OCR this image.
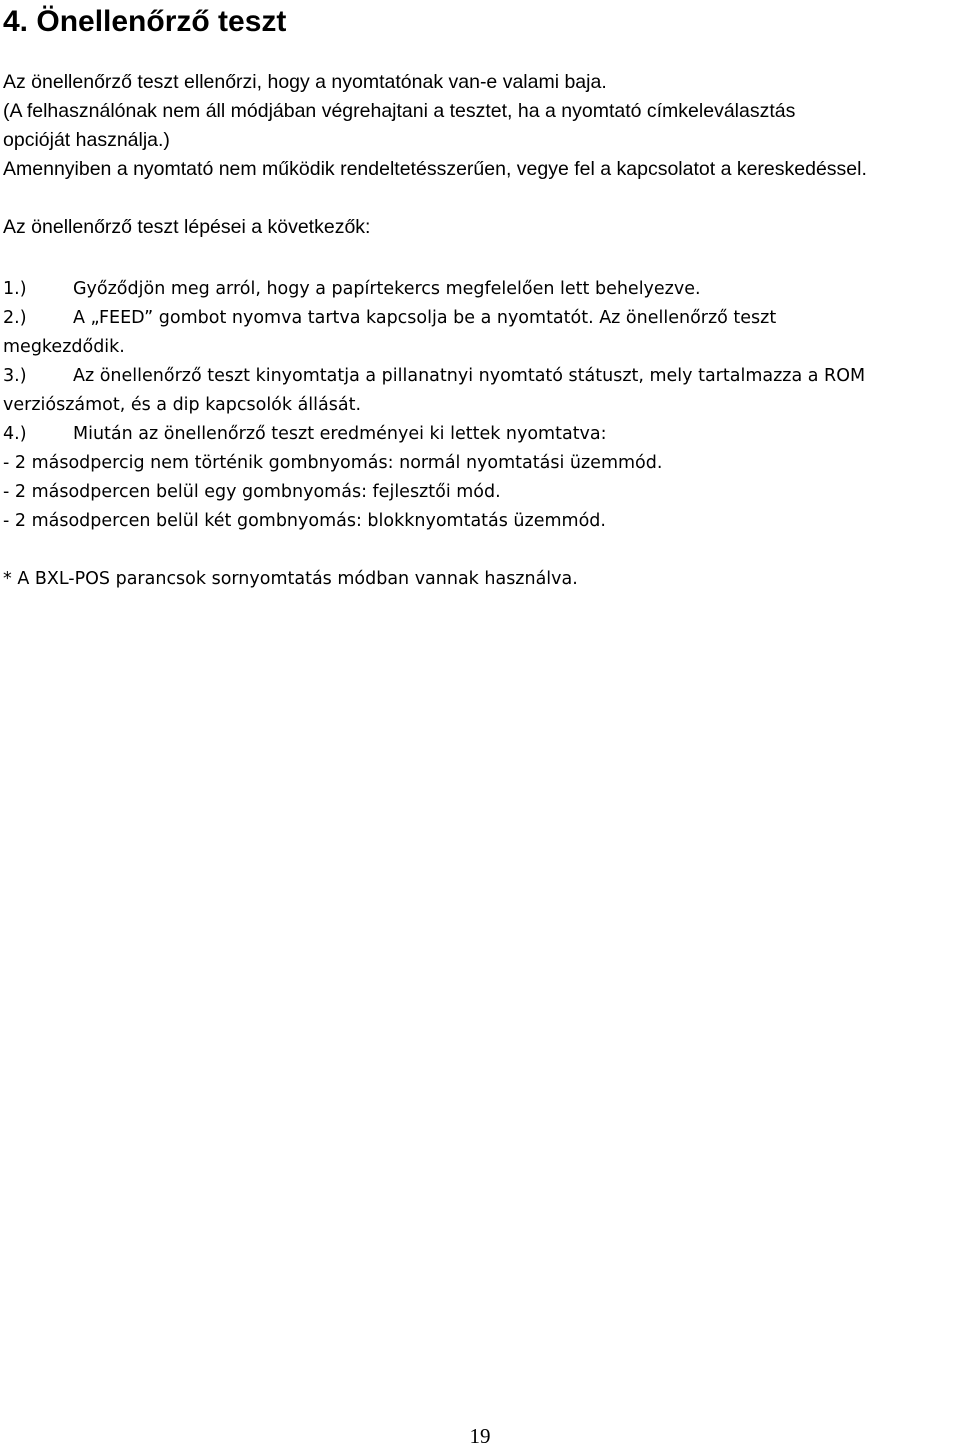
4. Önellenőrző teszt

Az önellenőrző teszt ellenőrzi, hogy a nyomtatónak van-e valami baja.

(A felhasználónak nem áll módjában végrehajtani a tesztet, ha a nyomtató címkeleválasztás

opcióját használja.)

Amennyiben a nyomtató nem működik rendeltetésszerűen, vegye fel a kapcsolatot a kereskedéssel.

Az önellenőrző teszt lépései a következők:

1.)	Győződjön meg arról, hogy a papírtekercs megfelelően lett behelyezve.

2.)	A „FEED” gombot nyomva tartva kapcsolja be a nyomtatót. Az önellenőrző teszt

megkezdődik.

3.)	Az önellenőrző teszt kinyomtatja a pillanatnyi nyomtató státuszt, mely tartalmazza a ROM

verziószámot, és a dip kapcsolók állását.

4.)	Miután az önellenőrző teszt eredményei ki lettek nyomtatva:

- 2 másodpercig nem történik gombnyomás: normál nyomtatási üzemmód.

- 2 másodpercen belül egy gombnyomás: fejlesztői mód.

- 2 másodpercen belül két gombnyomás: blokknyomtatás üzemmód.

* A BXL-POS parancsok sornyomtatás módban vannak használva.

19
